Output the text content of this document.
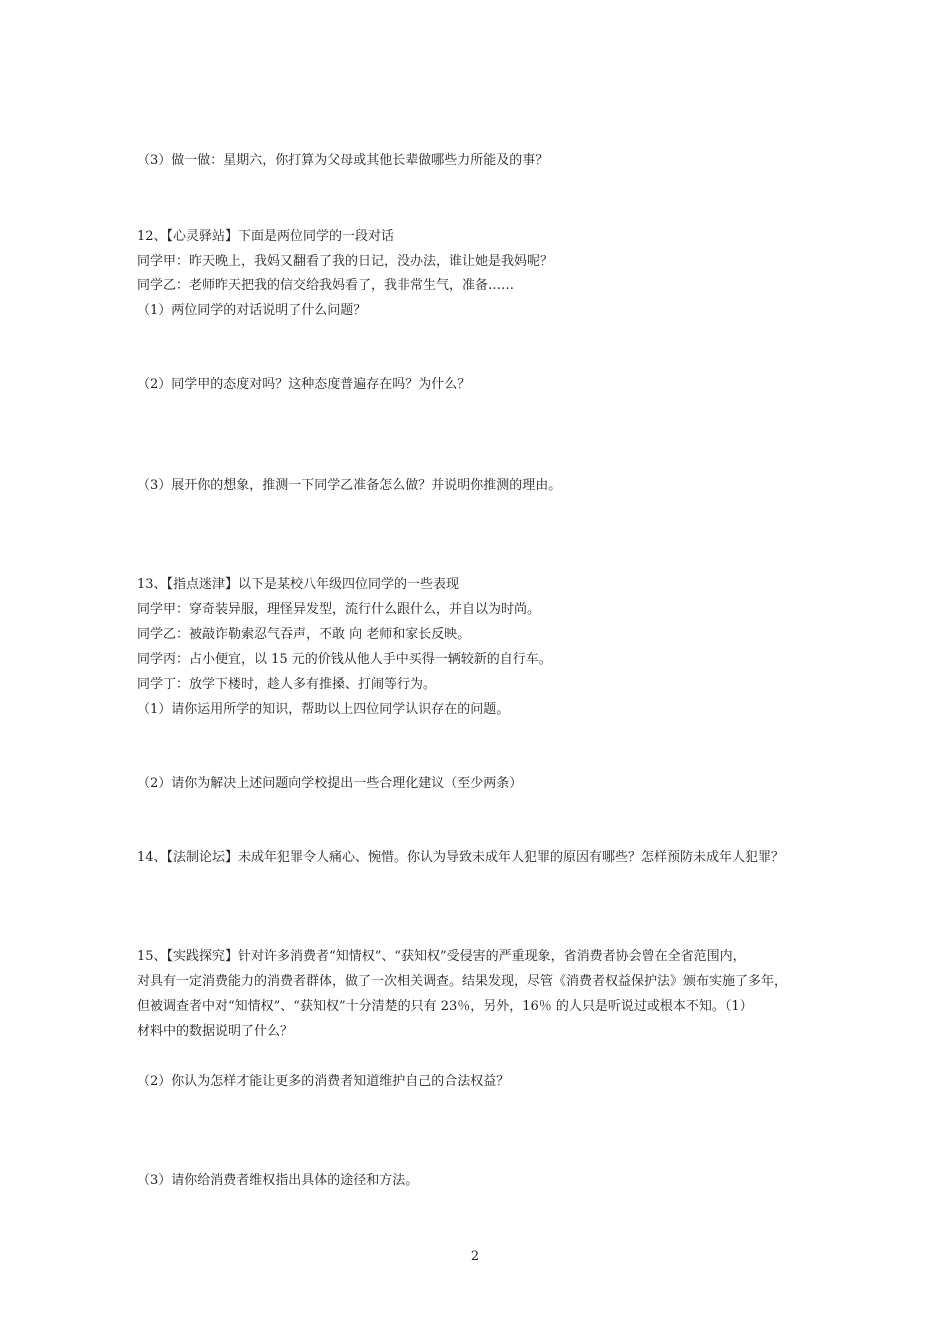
（3）做一做：星期六，你打算为父母或其他长辈做哪些力所能及的事？
12、【心灵驿站】下面是两位同学的一段对话
同学甲：昨天晚上，我妈又翻看了我的日记，没办法，谁让她是我妈呢？
同学乙：老师昨天把我的信交给我妈看了，我非常生气，准备……
（1）两位同学的对话说明了什么问题？
（2）同学甲的态度对吗？这种态度普遍存在吗？为什么？
（3）展开你的想象，推测一下同学乙准备怎么做？并说明你推测的理由。
13、【指点迷津】以下是某校八年级四位同学的一些表现
同学甲：穿奇装异服，理怪异发型，流行什么跟什么，并自以为时尚。
同学乙：被敲诈勒索忍气吞声，不敢 向 老师和家长反映。
同学丙：占小便宜，以 15 元的价钱从他人手中买得一辆较新的自行车。
同学丁：放学下楼时，趁人多有推搡、打闹等行为。
（1）请你运用所学的知识，帮助以上四位同学认识存在的问题。
（2）请你为解决上述问题向学校提出一些合理化建议（至少两条）
14、【法制论坛】未成年犯罪令人痛心、惋惜。你认为导致未成年人犯罪的原因有哪些？怎样预防未成年人犯罪？
15、【实践探究】针对许多消费者“知情权”、“获知权”受侵害的严重现象，省消费者协会曾在全省范围内，
对具有一定消费能力的消费者群体，做了一次相关调查。结果发现，尽管《消费者权益保护法》颁布实施了多年，
但被调查者中对“知情权”、“获知权”十分清楚的只有 23％，另外，16％ 的人只是听说过或根本不知。（1）
材料中的数据说明了什么？
（2）你认为怎样才能让更多的消费者知道维护自己的合法权益？
（3）请你给消费者维权指出具体的途径和方法。
2
